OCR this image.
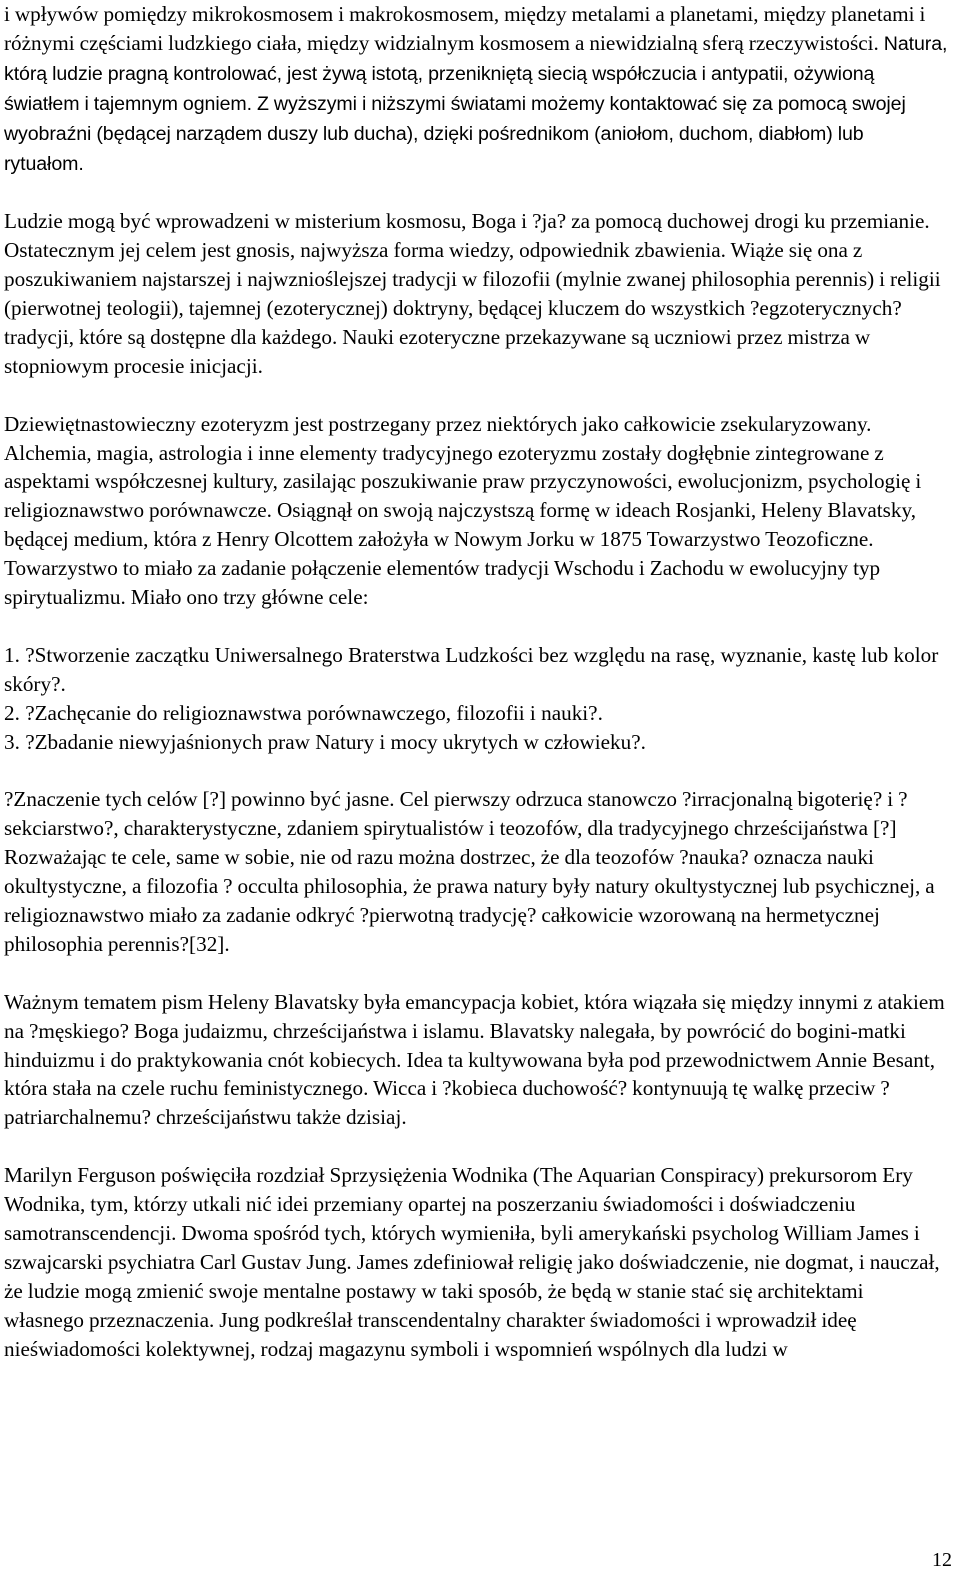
i wpływów pomiędzy mikrokosmosem i makrokosmosem, między metalami a planetami, między planetami i różnymi częściami ludzkiego ciała, między widzialnym kosmosem a niewidzialną sferą rzeczywistości. Natura, którą ludzie pragną kontrolować, jest żywą istotą, przenikniętą siecią współczucia i antypatii, ożywioną światłem i tajemnym ogniem. Z wyższymi i niższymi światami możemy kontaktować się za pomocą swojej wyobraźni (będącej narządem duszy lub ducha), dzięki pośrednikom (aniołom, duchom, diabłom) lub rytuałom.

Ludzie mogą być wprowadzeni w misterium kosmosu, Boga i ?ja? za pomocą duchowej drogi ku przemianie. Ostatecznym jej celem jest gnosis, najwyższa forma wiedzy, odpowiednik zbawienia. Wiąże się ona z poszukiwaniem najstarszej i najwznioślejszej tradycji w filozofii (mylnie zwanej philosophia perennis) i religii (pierwotnej teologii), tajemnej (ezoterycznej) doktryny, będącej kluczem do wszystkich ?egzoterycznych? tradycji, które są dostępne dla każdego. Nauki ezoteryczne przekazywane są uczniowi przez mistrza w stopniowym procesie inicjacji.

Dziewiętnastowieczny ezoteryzm jest postrzegany przez niektórych jako całkowicie zsekularyzowany. Alchemia, magia, astrologia i inne elementy tradycyjnego ezoteryzmu zostały dogłębnie zintegrowane z aspektami współczesnej kultury, zasilając poszukiwanie praw przyczynowości, ewolucjonizm, psychologię i religioznawstwo porównawcze. Osiągnął on swoją najczystszą formę w ideach Rosjanki, Heleny Blavatsky, będącej medium, która z Henry Olcottem założyła w Nowym Jorku w 1875 Towarzystwo Teozoficzne. Towarzystwo to miało za zadanie połączenie elementów tradycji Wschodu i Zachodu w ewolucyjny typ spirytualizmu. Miało ono trzy główne cele:

1. ?Stworzenie zaczątku Uniwersalnego Braterstwa Ludzkości bez względu na rasę, wyznanie, kastę lub kolor skóry?.
2. ?Zachęcanie do religioznawstwa porównawczego, filozofii i nauki?.
3. ?Zbadanie niewyjaśnionych praw Natury i mocy ukrytych w człowieku?.

?Znaczenie tych celów [?] powinno być jasne. Cel pierwszy odrzuca stanowczo ?irracjonalną bigoterię? i ?sekciarstwo?, charakterystyczne, zdaniem spirytualistów i teozofów, dla tradycyjnego chrześcijaństwa [?] Rozważając te cele, same w sobie, nie od razu można dostrzec, że dla teozofów ?nauka? oznacza nauki okultystyczne, a filozofia ? occulta philosophia, że prawa natury były natury okultystycznej lub psychicznej, a religioznawstwo miało za zadanie odkryć ?pierwotną tradycję? całkowicie wzorowaną na hermetycznej philosophia perennis?[32].

Ważnym tematem pism Heleny Blavatsky była emancypacja kobiet, która wiązała się między innymi z atakiem na ?męskiego? Boga judaizmu, chrześcijaństwa i islamu. Blavatsky nalegała, by powrócić do bogini-matki hinduizmu i do praktykowania cnót kobiecych. Idea ta kultywowana była pod przewodnictwem Annie Besant, która stała na czele ruchu feministycznego. Wicca i ?kobieca duchowość? kontynuują tę walkę przeciw ? patriarchalnemu? chrześcijaństwu także dzisiaj.

Marilyn Ferguson poświęciła rozdział Sprzysiężenia Wodnika (The Aquarian Conspiracy) prekursorom Ery Wodnika, tym, którzy utkali nić idei przemiany opartej na poszerzaniu świadomości i doświadczeniu samotranscendencji. Dwoma spośród tych, których wymieniła, byli amerykański psycholog William James i szwajcarski psychiatra Carl Gustav Jung. James zdefiniował religię jako doświadczenie, nie dogmat, i nauczał, że ludzie mogą zmienić swoje mentalne postawy w taki sposób, że będą w stanie stać się architektami własnego przeznaczenia. Jung podkreślał transcendentalny charakter świadomości i wprowadził ideę nieświadomości kolektywnej, rodzaj magazynu symboli i wspomnień wspólnych dla ludzi w

12
